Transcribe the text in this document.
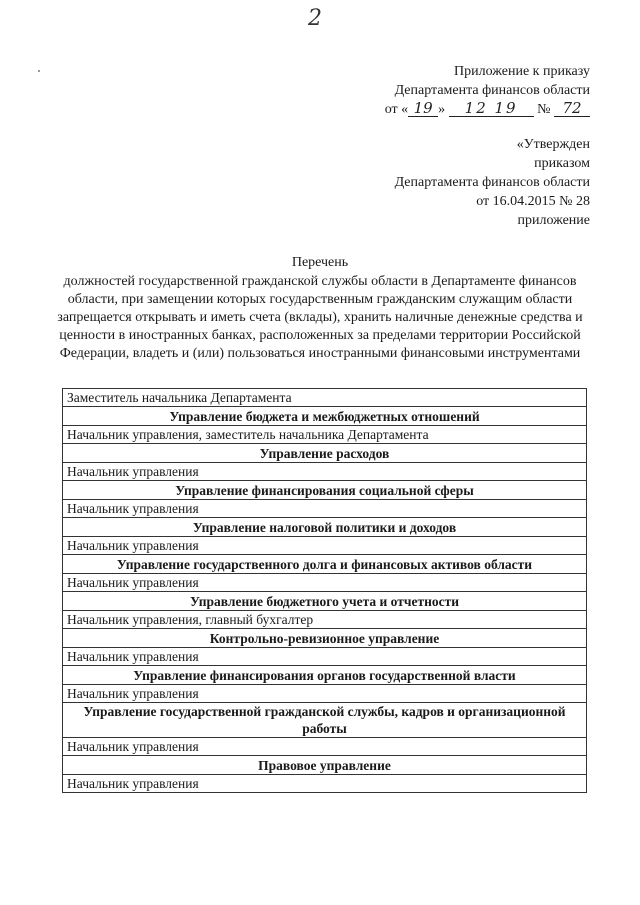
2
Приложение к приказу
Департамента финансов области
от « 19 » 12 19 № 72
«Утвержден
приказом
Департамента финансов области
от 16.04.2015 № 28
приложение
Перечень
должностей государственной гражданской службы области в Департаменте финансов области, при замещении которых государственным гражданским служащим области запрещается открывать и иметь счета (вклады), хранить наличные денежные средства и ценности в иностранных банках, расположенных за пределами территории Российской Федерации, владеть и (или) пользоваться иностранными финансовыми инструментами
Заместитель начальника Департамента
Управление бюджета и межбюджетных отношений
Начальник управления, заместитель начальника Департамента
Управление расходов
Начальник управления
Управление финансирования социальной сферы
Начальник управления
Управление налоговой политики и доходов
Начальник управления
Управление государственного долга и финансовых активов области
Начальник управления
Управление бюджетного учета и отчетности
Начальник управления, главный бухгалтер
Контрольно-ревизионное управление
Начальник управления
Управление финансирования органов государственной власти
Начальник управления
Управление государственной гражданской службы, кадров и организационной работы
Начальник управления
Правовое управление
Начальник управления
